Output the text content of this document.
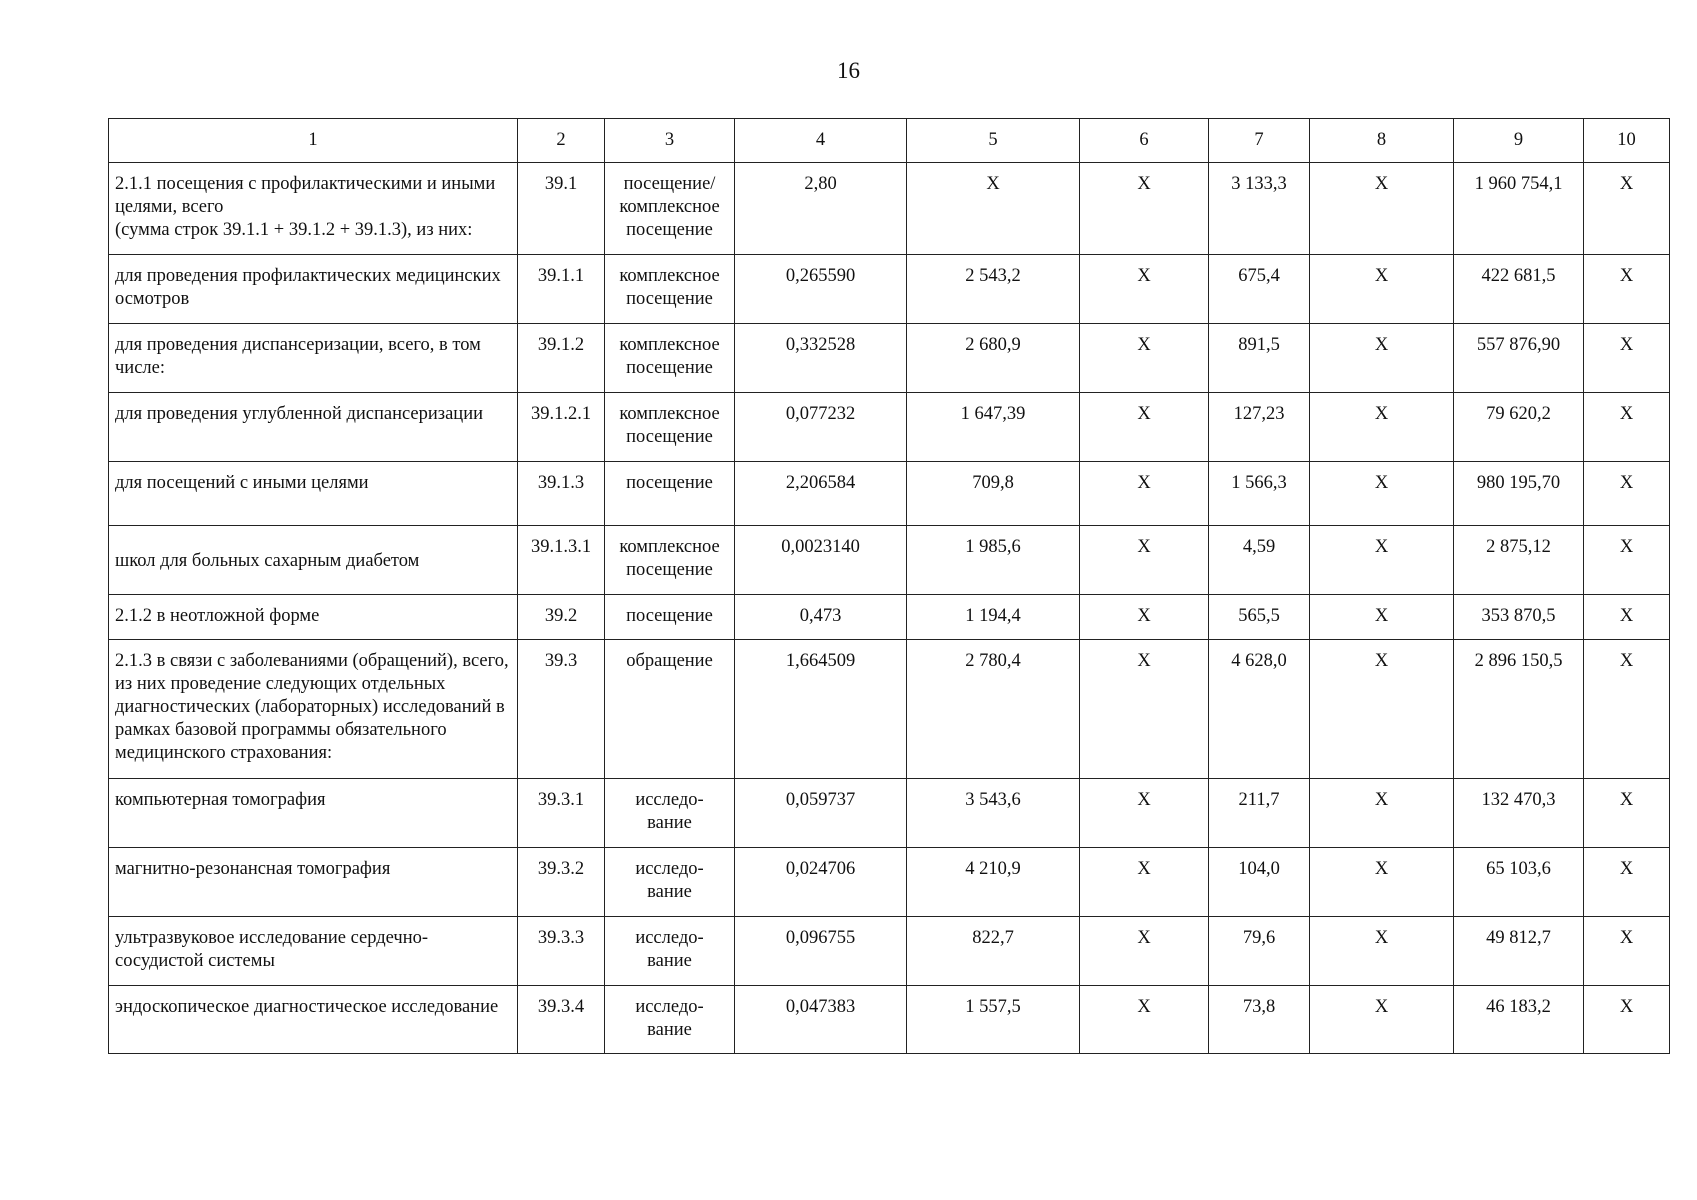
16
1	2	3	4	5	6	7	8	9	10
2.1.1 посещения с профилактическими и иными целями, всего
(сумма строк 39.1.1 + 39.1.2 + 39.1.3), из них:	39.1	посещение/
комплексное
посещение	2,80	X	X	3 133,3	X	1 960 754,1	X
для проведения профилактических медицинских осмотров	39.1.1	комплексное
посещение	0,265590	2 543,2	X	675,4	X	422 681,5	X
для проведения диспансеризации, всего, в том числе:	39.1.2	комплексное
посещение	0,332528	2 680,9	X	891,5	X	557 876,90	X
для проведения углубленной диспансеризации	39.1.2.1	комплексное
посещение	0,077232	1 647,39	X	127,23	X	79 620,2	X
для посещений с иными целями	39.1.3	посещение	2,206584	709,8	X	1 566,3	X	980 195,70	X
школ для больных сахарным диабетом	39.1.3.1	комплексное
посещение	0,0023140	1 985,6	X	4,59	X	2 875,12	X
2.1.2 в неотложной форме	39.2	посещение	0,473	1 194,4	X	565,5	X	353 870,5	X
2.1.3 в связи с заболеваниями (обращений), всего, из них проведение следующих отдельных диагностических (лабораторных) исследований в рамках базовой программы обязательного медицинского страхования:	39.3	обращение	1,664509	2 780,4	X	4 628,0	X	2 896 150,5	X
компьютерная томография	39.3.1	исследо-
вание	0,059737	3 543,6	X	211,7	X	132 470,3	X
магнитно-резонансная томография	39.3.2	исследо-
вание	0,024706	4 210,9	X	104,0	X	65 103,6	X
ультразвуковое исследование сердечно-сосудистой системы	39.3.3	исследо-
вание	0,096755	822,7	X	79,6	X	49 812,7	X
эндоскопическое диагностическое исследование	39.3.4	исследо-
вание	0,047383	1 557,5	X	73,8	X	46 183,2	X
